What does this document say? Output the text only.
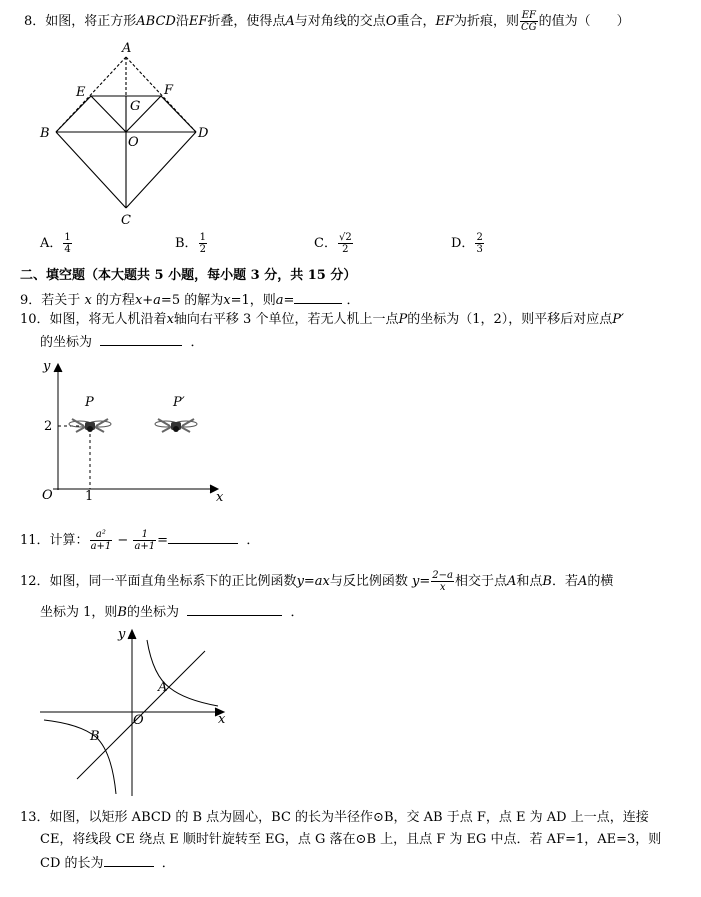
8．如图，将正方形ABCD沿EF折叠，使得点A与对角线的交点O重合，EF为折痕，则 $\frac{EF}{CG}$ 的值为（　　）
A
E	F
G
B	D
O
C
A． $\frac{1}{4}$	B． $\frac{1}{2}$	C． $\frac{√2}{2}$	D． $\frac{2}{3}$
二、填空题（本大题共 5 小题，每小题 3 分，共 15 分）
9．若关于 x 的方程x+a=5 的解为x=1，则a=	．
10．如图，将无人机沿着x轴向右平移 3 个单位，若无人机上一点P的坐标为（1，2），则平移后对应点P′
的坐标为	．
y
x
O 1
2
P	P′
11．计算： $\frac{\text{a²}}{a+1} - \frac{1}{a+1}$ =	．
12．如图，同一平面直角坐标系下的正比例函数y=ax与反比例函数 $y= \frac{2-a}{x}$ 相交于点A和点B．若A的横
坐标为 1，则B的坐标为	．
y
x
O
A
B
13．如图，以矩形 ABCD 的 B 点为圆心，BC 的长为半径作⊙B，交 AB 于点 F，点 E 为 AD 上一点，连接
CE，将线段 CE 绕点 E 顺时针旋转至 EG，点 G 落在⊙B 上，且点 F 为 EG 中点．若 AF=1，AE=3，则
CD 的长为	．
